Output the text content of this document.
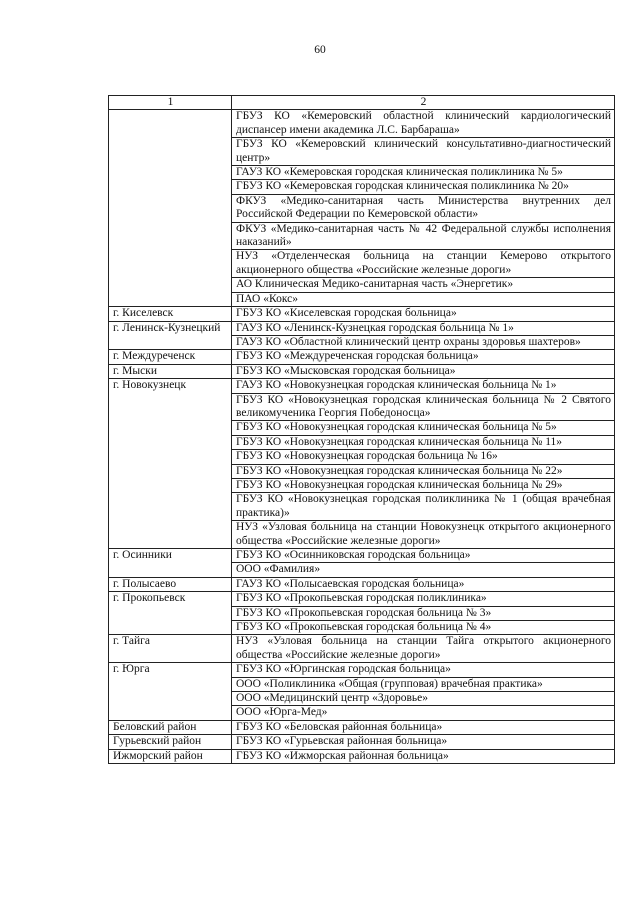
60
1	2
	ГБУЗ КО «Кемеровский областной клинический кардиологический диспансер имени академика Л.С. Барбараша»
	ГБУЗ КО «Кемеровский клинический консультативно-диагностический центр»
	ГАУЗ КО «Кемеровская городская клиническая поликлиника № 5»
	ГБУЗ КО «Кемеровская городская клиническая поликлиника № 20»
	ФКУЗ «Медико-санитарная часть Министерства внутренних дел Российской Федерации по Кемеровской области»
	ФКУЗ «Медико-санитарная часть № 42 Федеральной службы исполнения наказаний»
	НУЗ «Отделенческая больница на станции Кемерово открытого акционерного общества «Российские железные дороги»
	АО Клиническая Медико-санитарная часть «Энергетик»
	ПАО «Кокс»
г. Киселевск	ГБУЗ КО «Киселевская городская больница»
г. Ленинск-Кузнецкий	ГАУЗ КО «Ленинск-Кузнецкая городская больница № 1»
	ГАУЗ КО «Областной клинический центр охраны здоровья шахтеров»
г. Междуреченск	ГБУЗ КО «Междуреченская городская больница»
г. Мыски	ГБУЗ КО «Мысковская городская больница»
г. Новокузнецк	ГАУЗ КО «Новокузнецкая городская клиническая больница № 1»
	ГБУЗ КО «Новокузнецкая городская клиническая больница № 2 Святого великомученика Георгия Победоносца»
	ГБУЗ КО «Новокузнецкая городская клиническая больница № 5»
	ГБУЗ КО «Новокузнецкая городская клиническая больница № 11»
	ГБУЗ КО «Новокузнецкая городская больница № 16»
	ГБУЗ КО «Новокузнецкая городская клиническая больница № 22»
	ГБУЗ КО «Новокузнецкая городская клиническая больница № 29»
	ГБУЗ КО «Новокузнецкая городская поликлиника № 1 (общая врачебная практика)»
	НУЗ «Узловая больница на станции Новокузнецк открытого акционерного общества «Российские железные дороги»
г. Осинники	ГБУЗ КО «Осинниковская городская больница»
	ООО «Фамилия»
г. Полысаево	ГАУЗ КО «Полысаевская городская больница»
г. Прокопьевск	ГБУЗ КО «Прокопьевская городская поликлиника»
	ГБУЗ КО «Прокопьевская городская больница № 3»
	ГБУЗ КО «Прокопьевская городская больница № 4»
г. Тайга	НУЗ «Узловая больница на станции Тайга открытого акционерного общества «Российские железные дороги»
г. Юрга	ГБУЗ КО «Юргинская городская больница»
	ООО «Поликлиника «Общая (групповая) врачебная практика»
	ООО «Медицинский центр «Здоровье»
	ООО «Юрга-Мед»
Беловский район	ГБУЗ КО «Беловская районная больница»
Гурьевский район	ГБУЗ КО «Гурьевская районная больница»
Ижморский район	ГБУЗ КО «Ижморская районная больница»
